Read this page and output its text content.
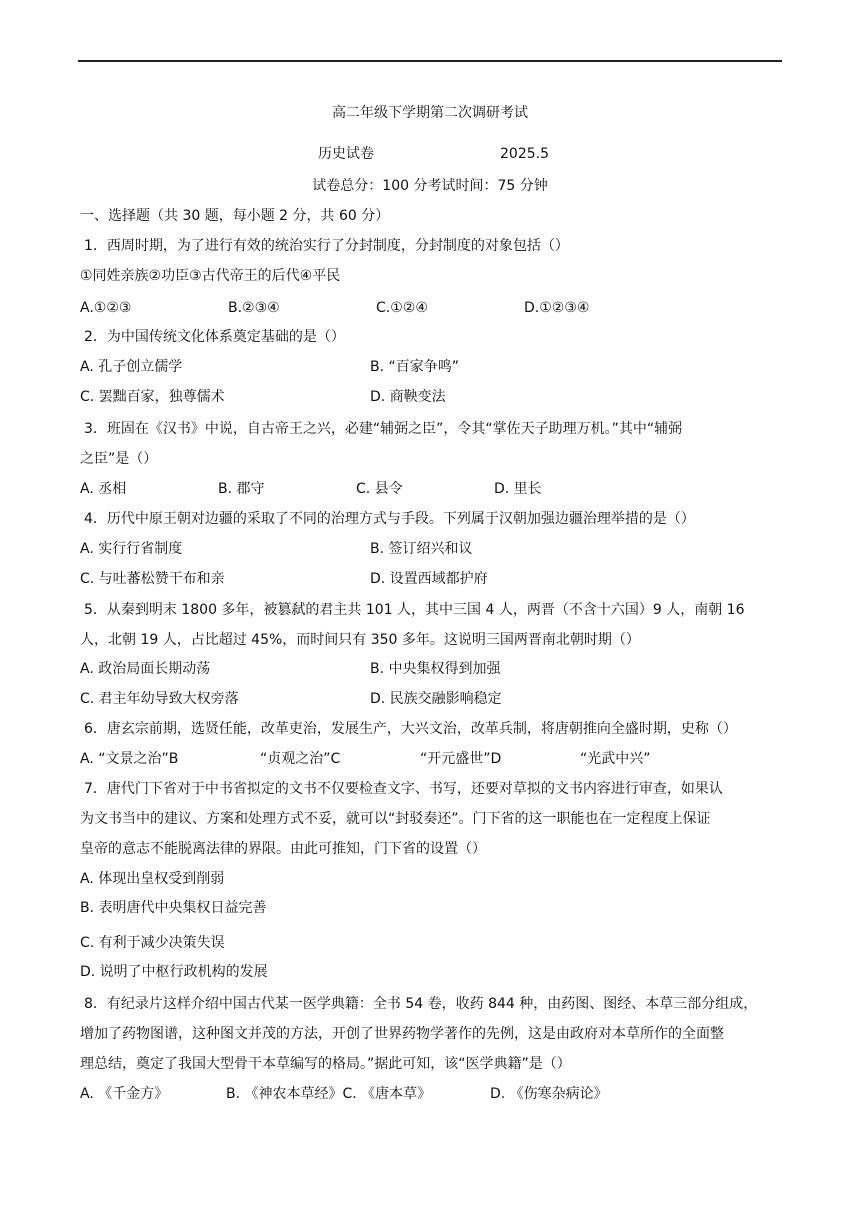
高二年级下学期第二次调研考试
历史试卷	2025.5
试卷总分：100 分考试时间：75 分钟
一、选择题（共 30 题，每小题 2 分，共 60 分）
1．西周时期，为了进行有效的统治实行了分封制度，分封制度的对象包括（）
①同姓亲族②功臣③古代帝王的后代④平民
A.①②③	B.②③④	C.①②④	D.①②③④
2．为中国传统文化体系奠定基础的是（）
A. 孔子创立儒学	B. “百家争鸣”
C. 罢黜百家，独尊儒术	D. 商鞅变法
3．班固在《汉书》中说，自古帝王之兴，必建“辅弼之臣”，令其“掌佐天子助理万机。”其中“辅弼
之臣”是（）
A. 丞相	B. 郡守	C. 县令	D. 里长
4．历代中原王朝对边疆的采取了不同的治理方式与手段。下列属于汉朝加强边疆治理举措的是（）
A. 实行行省制度	B. 签订绍兴和议
C. 与吐蕃松赞干布和亲	D. 设置西域都护府
5．从秦到明末 1800 多年，被篡弑的君主共 101 人，其中三国 4 人，两晋（不含十六国）9 人，南朝 16
人，北朝 19 人，占比超过 45%，而时间只有 350 多年。这说明三国两晋南北朝时期（）
A. 政治局面长期动荡	B. 中央集权得到加强
C. 君主年幼导致大权旁落	D. 民族交融影响稳定
6．唐玄宗前期，选贤任能，改革吏治，发展生产，大兴文治，改革兵制，将唐朝推向全盛时期，史称（）
A. “文景之治”B	“贞观之治”C	“开元盛世”D	“光武中兴”
7．唐代门下省对于中书省拟定的文书不仅要检查文字、书写，还要对草拟的文书内容进行审查，如果认
为文书当中的建议、方案和处理方式不妥，就可以“封驳奏还”。门下省的这一职能也在一定程度上保证
皇帝的意志不能脱离法律的界限。由此可推知，门下省的设置（）
A. 体现出皇权受到削弱
B. 表明唐代中央集权日益完善
C. 有利于减少决策失误
D. 说明了中枢行政机构的发展
8．有纪录片这样介绍中国古代某一医学典籍：全书 54 卷，收药 844 种，由药图、图经、本草三部分组成，
增加了药物图谱，这种图文并茂的方法，开创了世界药物学著作的先例，这是由政府对本草所作的全面整
理总结，奠定了我国大型骨干本草编写的格局。”据此可知，该“医学典籍”是（）
A. 《千金方》	B. 《神农本草经》C. 《唐本草》	D. 《伤寒杂病论》
